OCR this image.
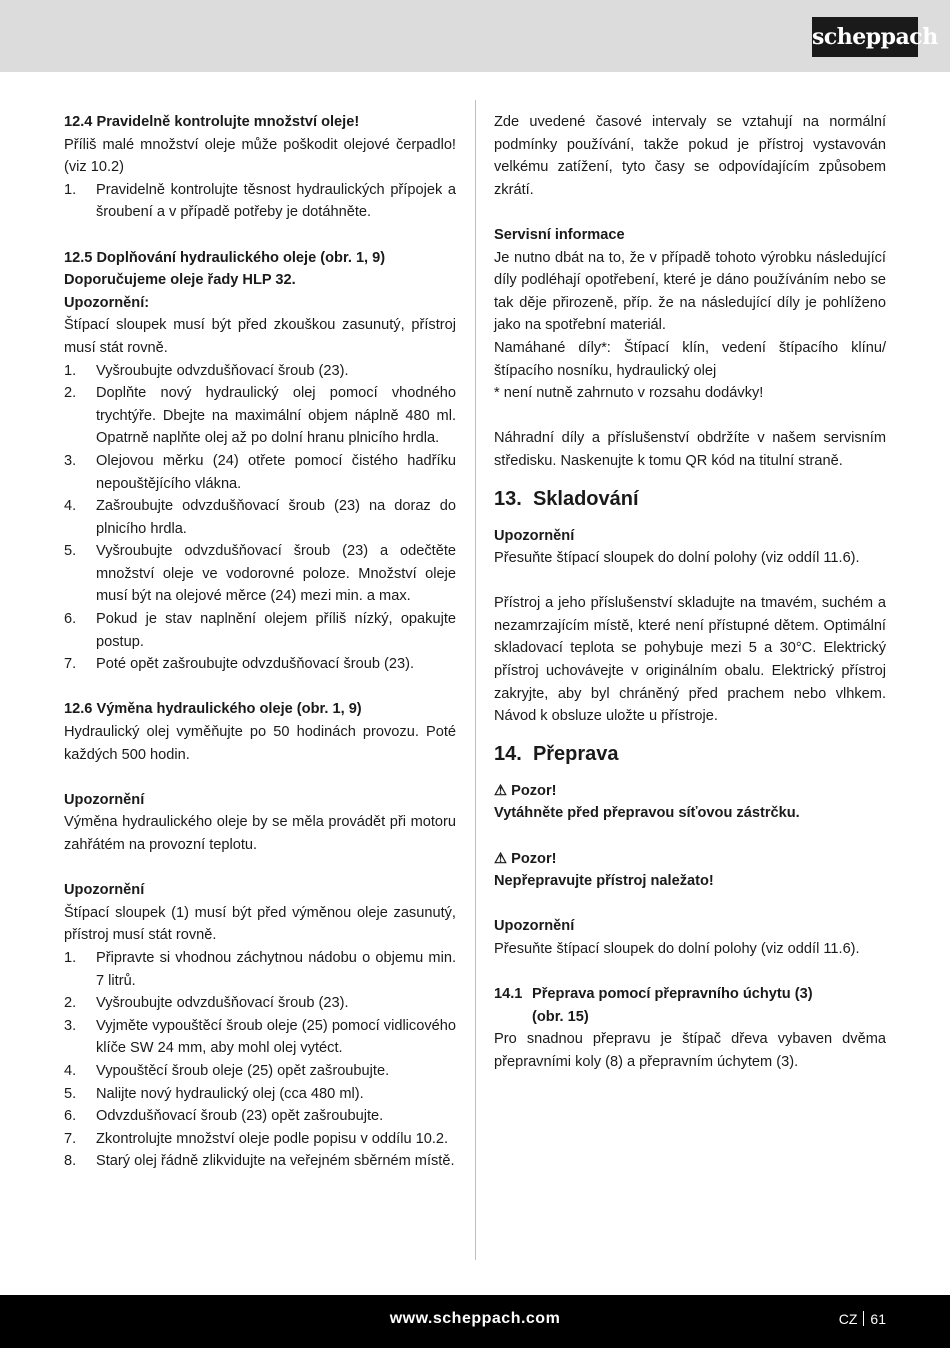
scheppach

12.4 Pravidelně kontrolujte množství oleje!

Příliš malé množství oleje může poškodit olejové čerpadlo! (viz 10.2)

1.	Pravidelně kontrolujte těsnost hydraulických přípojek a šroubení a v případě potřeby je dotáhněte.

12.5 Doplňování hydraulického oleje (obr. 1, 9)

Doporučujeme oleje řady HLP 32.

Upozornění:

Štípací sloupek musí být před zkouškou zasunutý, přístroj musí stát rovně.

1.	Vyšroubujte odvzdušňovací šroub (23).
2.	Doplňte nový hydraulický olej pomocí vhodného trychtýře. Dbejte na maximální objem náplně 480 ml. Opatrně naplňte olej až po dolní hranu plnicího hrdla.
3.	Olejovou měrku (24) otřete pomocí čistého hadříku nepouštějícího vlákna.
4.	Zašroubujte odvzdušňovací šroub (23) na doraz do plnicího hrdla.
5.	Vyšroubujte odvzdušňovací šroub (23) a odečtěte množství oleje ve vodorovné poloze. Množství oleje musí být na olejové měrce (24) mezi min. a max.
6.	Pokud je stav naplnění olejem příliš nízký, opakujte postup.
7.	Poté opět zašroubujte odvzdušňovací šroub (23).

12.6 Výměna hydraulického oleje (obr. 1, 9)

Hydraulický olej vyměňujte po 50 hodinách provozu. Poté každých 500 hodin.

Upozornění

Výměna hydraulického oleje by se měla provádět při motoru zahřátém na provozní teplotu.

Upozornění

Štípací sloupek (1) musí být před výměnou oleje zasunutý, přístroj musí stát rovně.

1.	Připravte si vhodnou záchytnou nádobu o objemu min. 7 litrů.
2.	Vyšroubujte odvzdušňovací šroub (23).
3.	Vyjměte vypouštěcí šroub oleje (25) pomocí vidlicového klíče SW 24 mm, aby mohl olej vytéct.
4.	Vypouštěcí šroub oleje (25) opět zašroubujte.
5.	Nalijte nový hydraulický olej (cca 480 ml).
6.	Odvzdušňovací šroub (23) opět zašroubujte.
7.	Zkontrolujte množství oleje podle popisu v oddílu 10.2.
8.	Starý olej řádně zlikvidujte na veřejném sběrném místě.

Zde uvedené časové intervaly se vztahují na normální podmínky používání, takže pokud je přístroj vystavován velkému zatížení, tyto časy se odpovídajícím způsobem zkrátí.

Servisní informace

Je nutno dbát na to, že v případě tohoto výrobku následující díly podléhají opotřebení, které je dáno používáním nebo se tak děje přirozeně, příp. že na následující díly je pohlíženo jako na spotřební materiál.

Namáhané díly*: Štípací klín, vedení štípacího klínu/štípacího nosníku, hydraulický olej

* není nutně zahrnuto v rozsahu dodávky!

Náhradní díly a příslušenství obdržíte v našem servisním středisku. Naskenujte k tomu QR kód na titulní straně.

13. Skladování

Upozornění

Přesuňte štípací sloupek do dolní polohy (viz oddíl 11.6).

Přístroj a jeho příslušenství skladujte na tmavém, suchém a nezamrzajícím místě, které není přístupné dětem. Optimální skladovací teplota se pohybuje mezi 5 a 30°C. Elektrický přístroj uchovávejte v originálním obalu. Elektrický přístroj zakryjte, aby byl chráněný před prachem nebo vlhkem. Návod k obsluze uložte u přístroje.

14. Přeprava

⚠ Pozor!

Vytáhněte před přepravou síťovou zástrčku.

⚠ Pozor!

Nepřepravujte přístroj naležato!

Upozornění

Přesuňte štípací sloupek do dolní polohy (viz oddíl 11.6).

14.1 Přeprava pomocí přepravního úchytu (3)
(obr. 15)

Pro snadnou přepravu je štípač dřeva vybaven dvěma přepravními koly (8) a přepravním úchytem (3).

www.scheppach.com	CZ 61
